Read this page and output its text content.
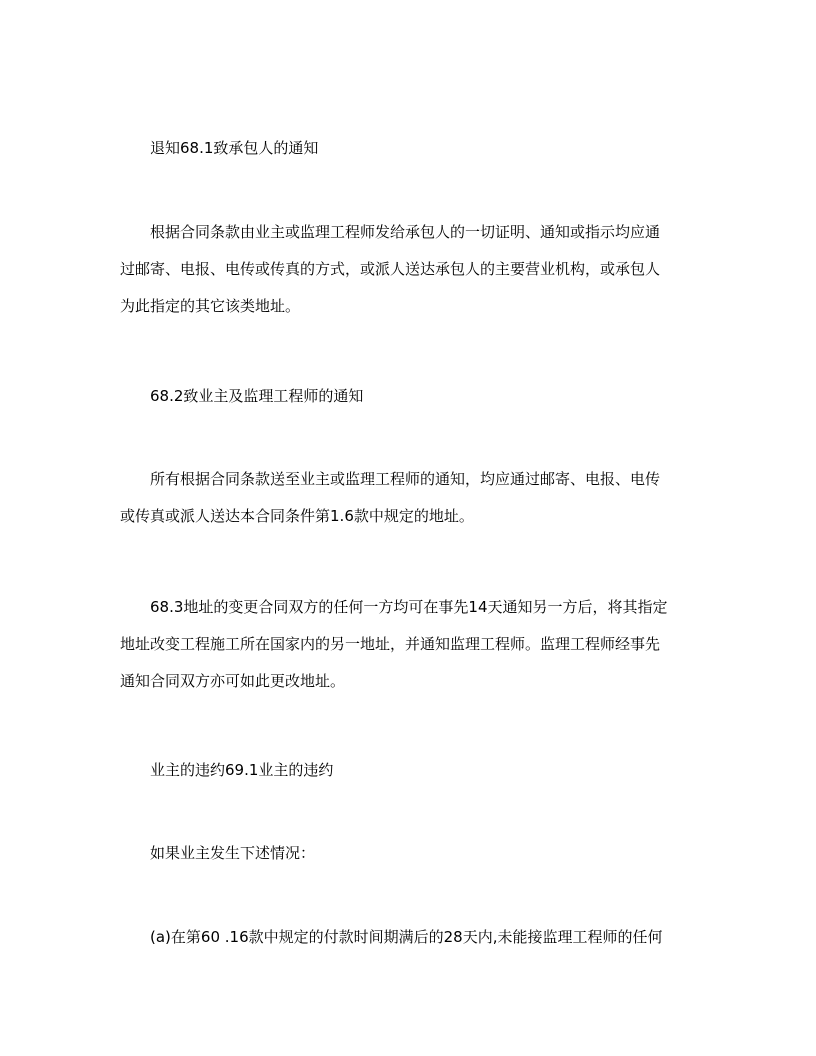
退知68.1致承包人的通知
根据合同条款由业主或监理工程师发给承包人的一切证明、通知或指示均应通
过邮寄、电报、电传或传真的方式，或派人送达承包人的主要营业机构，或承包人
为此指定的其它该类地址。
68.2致业主及监理工程师的通知
所有根据合同条款送至业主或监理工程师的通知，均应通过邮寄、电报、电传
或传真或派人送达本合同条件第1.6款中规定的地址。
68.3地址的变更合同双方的任何一方均可在事先14天通知另一方后，将其指定
地址改变工程施工所在国家内的另一地址，并通知监理工程师。监理工程师经事先
通知合同双方亦可如此更改地址。
业主的违约69.1业主的违约
如果业主发生下述情况：
(a)在第60 .16款中规定的付款时间期满后的28天内,未能接监理工程师的任何
